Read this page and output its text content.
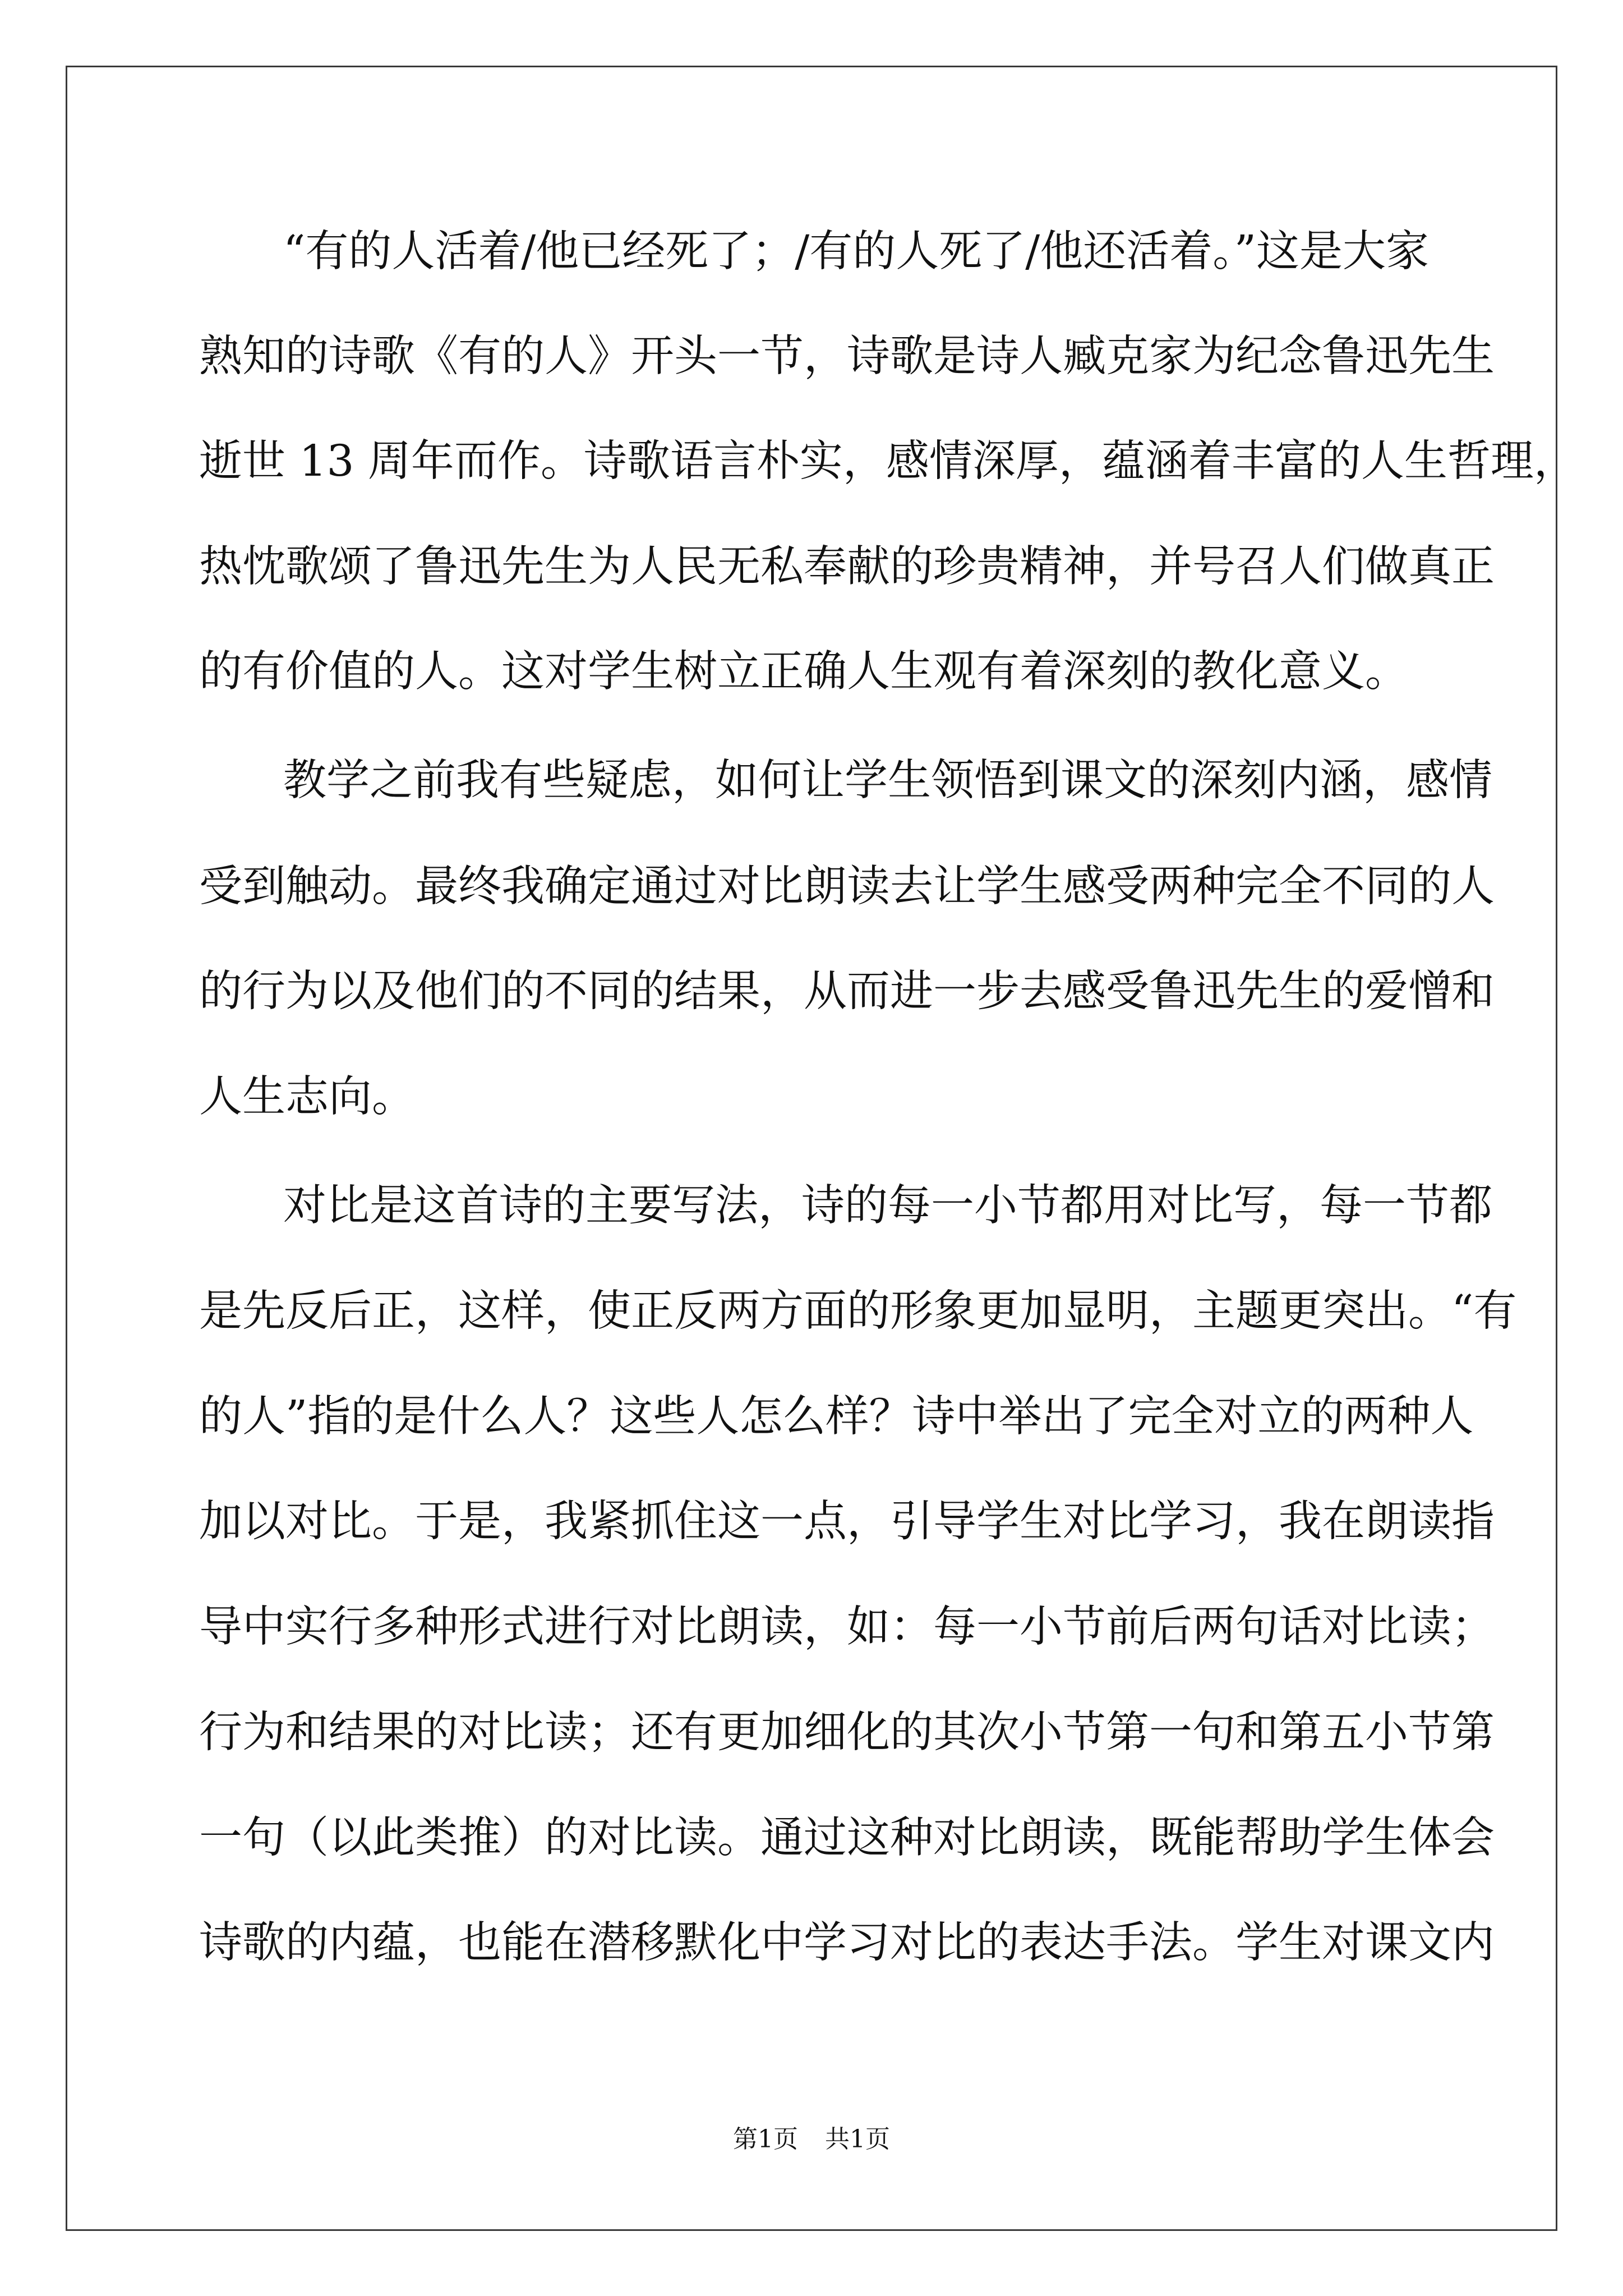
“有的人活着/他已经死了；/有的人死了/他还活着。”这是大家

熟知的诗歌《有的人》开头一节，诗歌是诗人臧克家为纪念鲁迅先生

逝世 13 周年而作。诗歌语言朴实，感情深厚，蕴涵着丰富的人生哲理，

热忱歌颂了鲁迅先生为人民无私奉献的珍贵精神，并号召人们做真正

的有价值的人。这对学生树立正确人生观有着深刻的教化意义。

教学之前我有些疑虑，如何让学生领悟到课文的深刻内涵，感情

受到触动。最终我确定通过对比朗读去让学生感受两种完全不同的人

的行为以及他们的不同的结果，从而进一步去感受鲁迅先生的爱憎和

人生志向。

对比是这首诗的主要写法，诗的每一小节都用对比写，每一节都

是先反后正，这样，使正反两方面的形象更加显明，主题更突出。“有

的人”指的是什么人？这些人怎么样？诗中举出了完全对立的两种人

加以对比。于是，我紧抓住这一点，引导学生对比学习，我在朗读指

导中实行多种形式进行对比朗读，如：每一小节前后两句话对比读；

行为和结果的对比读；还有更加细化的其次小节第一句和第五小节第

一句（以此类推）的对比读。通过这种对比朗读，既能帮助学生体会

诗歌的内蕴，也能在潜移默化中学习对比的表达手法。学生对课文内

第1页 共1页
